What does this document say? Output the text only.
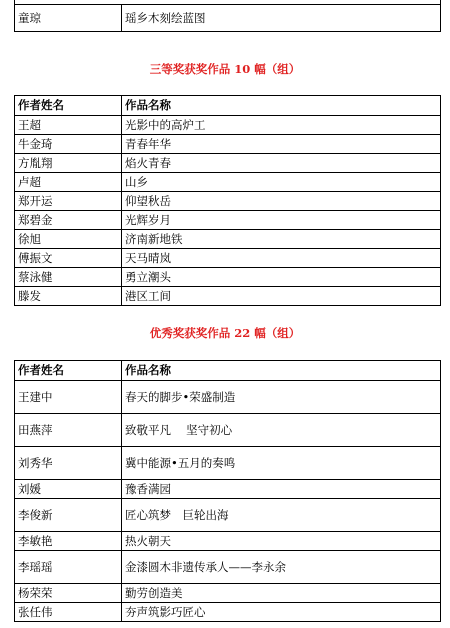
童琼	瑶乡木刻绘蓝图

三等奖获奖作品 10 幅（组）

作者姓名	作品名称
王超	光影中的高炉工
牛金琦	青春年华
方胤翔	焰火青春
卢超	山乡
郑开运	仰望秋岳
郑碧金	光辉岁月
徐旭	济南新地铁
傅振文	天马晴岚
蔡泳健	勇立潮头
滕发	港区工间

优秀奖获奖作品 22 幅（组）

作者姓名	作品名称
王建中	春天的脚步•荣盛制造
田燕萍	致敬平凡　 坚守初心
刘秀华	冀中能源•五月的奏鸣
刘媛	豫香满园
李俊新	匠心筑梦　巨轮出海
李敏艳	热火朝天
李瑶瑶	金漆圆木非遗传承人——李永余
杨荣荣	勤劳创造美
张任伟	夯声筑影巧匠心
